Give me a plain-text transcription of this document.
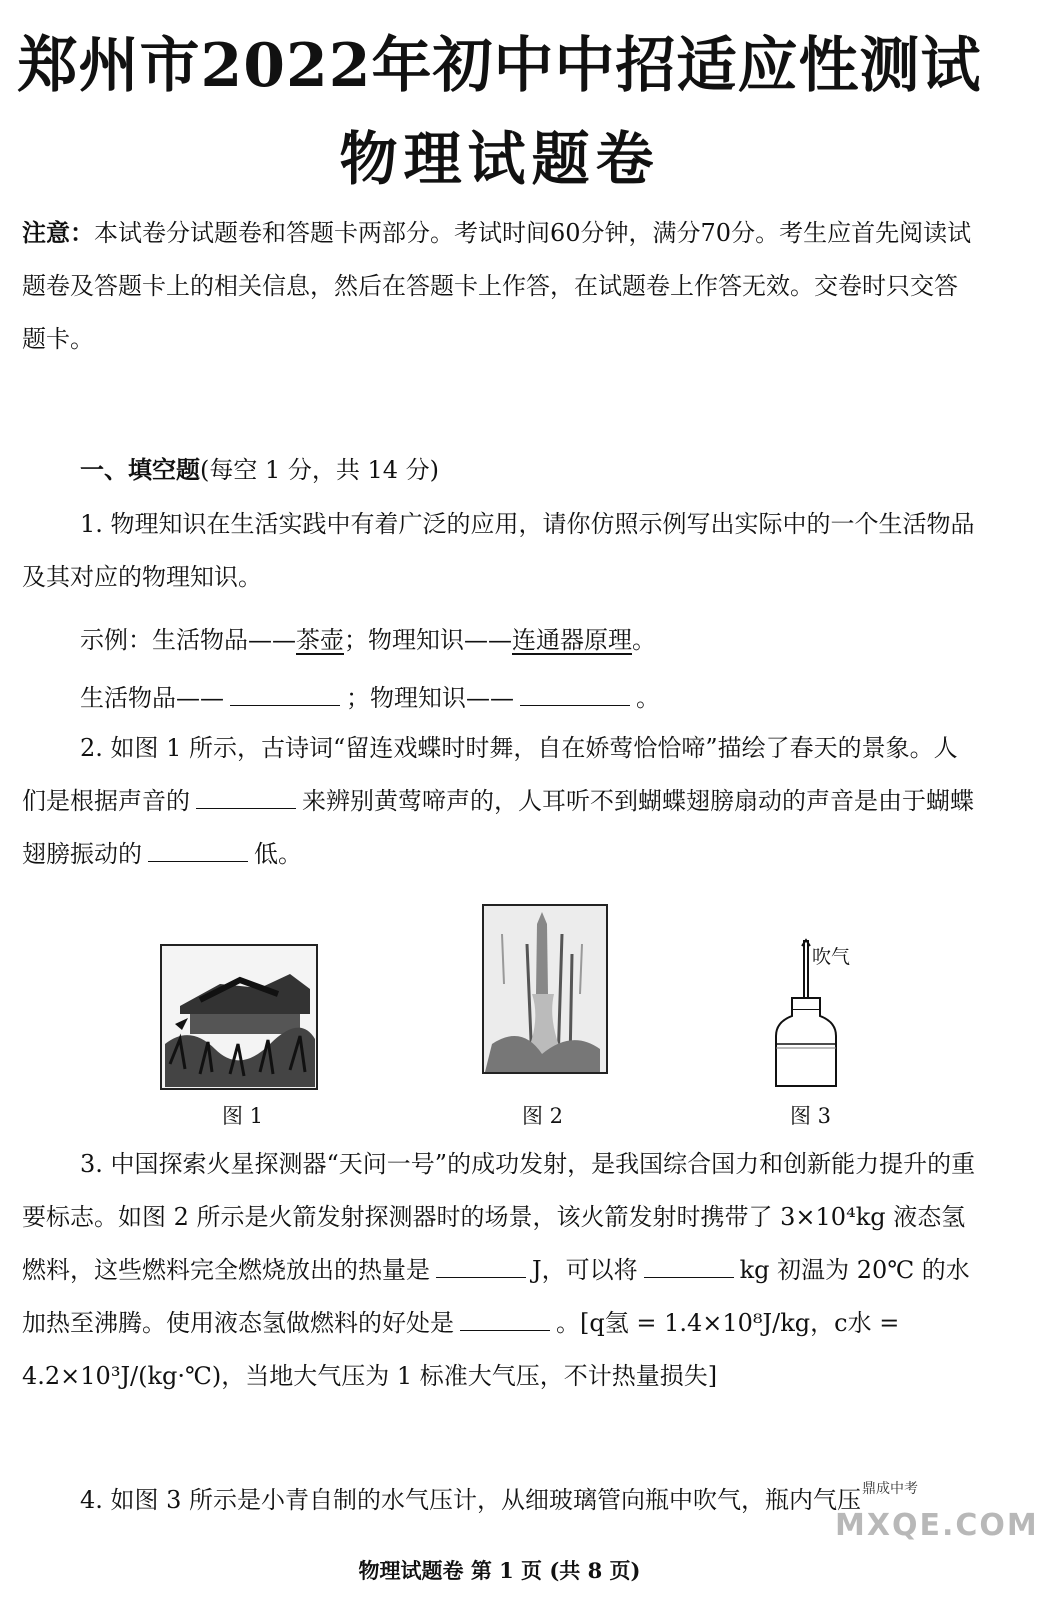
郑州市2022年初中中招适应性测试
物理试题卷
注意：本试卷分试题卷和答题卡两部分。考试时间60分钟，满分70分。考生应首先阅读试题卷及答题卡上的相关信息，然后在答题卡上作答，在试题卷上作答无效。交卷时只交答题卡。
一、填空题(每空 1 分，共 14 分)
1. 物理知识在生活实践中有着广泛的应用，请你仿照示例写出实际中的一个生活物品及其对应的物理知识。
示例：生活物品——茶壶；物理知识——连通器原理。
生活物品——	；物理知识——	。
2. 如图 1 所示，古诗词“留连戏蝶时时舞，自在娇莺恰恰啼”描绘了春天的景象。人们是根据声音的	来辨别黄莺啼声的，人耳听不到蝴蝶翅膀扇动的声音是由于蝴蝶翅膀振动的	低。
图 1	图 2
吹气
图 3
3. 中国探索火星探测器“天问一号”的成功发射，是我国综合国力和创新能力提升的重要标志。如图 2 所示是火箭发射探测器时的场景，该火箭发射时携带了 3×10⁴kg 液态氢燃料，这些燃料完全燃烧放出的热量是	J，可以将	kg 初温为 20℃ 的水加热至沸腾。使用液态氢做燃料的好处是	。[q氢 = 1.4×10⁸J/kg，c水 = 4.2×10³J/(kg·℃)，当地大气压为 1 标准大气压，不计热量损失]
4. 如图 3 所示是小青自制的水气压计，从细玻璃管向瓶中吹气，瓶内气压 鼎成中考
MXQE.COM
物理试题卷 第 1 页 (共 8 页)
